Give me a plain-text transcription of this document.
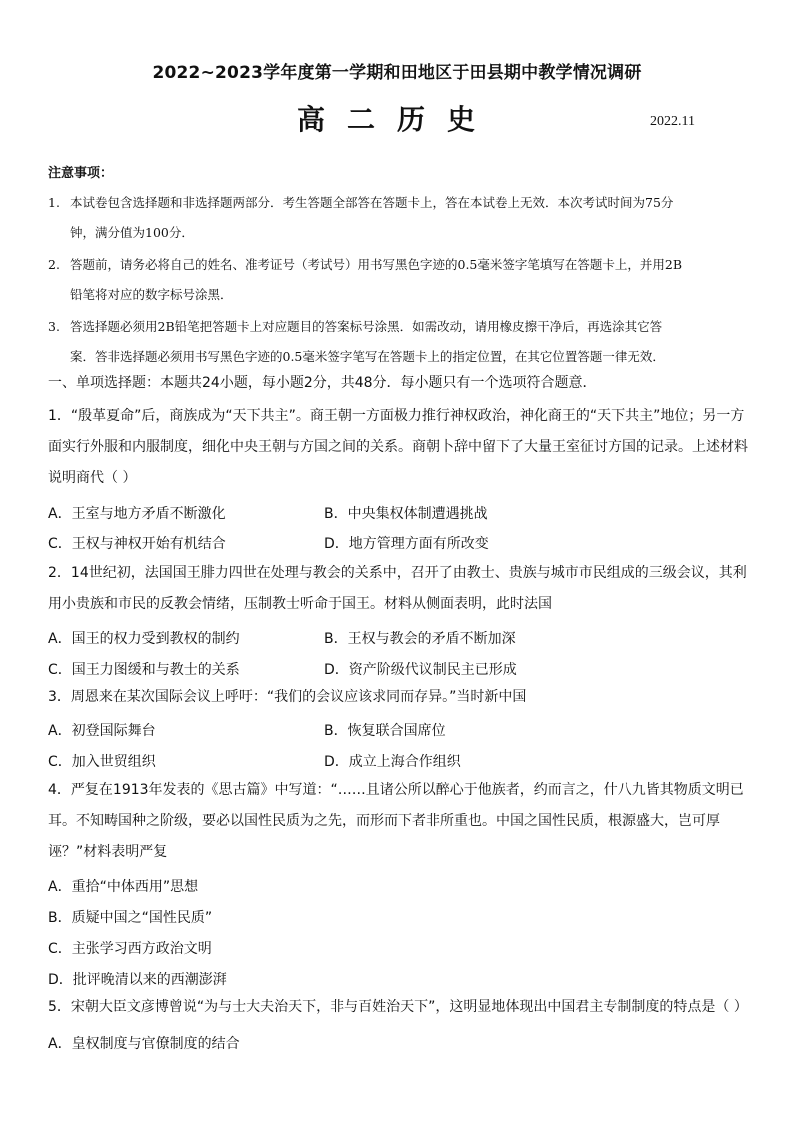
2022~2023学年度第一学期和田地区于田县期中教学情况调研
高二历史	2022.11
注意事项：
1. 本试卷包含选择题和非选择题两部分．考生答题全部答在答题卡上，答在本试卷上无效．本次考试时间为75分
钟，满分值为100分．
2. 答题前，请务必将自己的姓名、准考证号（考试号）用书写黑色字迹的0.5毫米签字笔填写在答题卡上，并用2B
铅笔将对应的数字标号涂黑．
3. 答选择题必须用2B铅笔把答题卡上对应题目的答案标号涂黑．如需改动，请用橡皮擦干净后，再选涂其它答
案．答非选择题必须用书写黑色字迹的0.5毫米签字笔写在答题卡上的指定位置，在其它位置答题一律无效．
一、单项选择题：本题共24小题，每小题2分，共48分．每小题只有一个选项符合题意．
1．“殷革夏命”后，商族成为“天下共主”。商王朝一方面极力推行神权政治，神化商王的“天下共主”地位；另一方面实行外服和内服制度，细化中央王朝与方国之间的关系。商朝卜辞中留下了大量王室征讨方国的记录。上述材料说明商代（ ）
A．王室与地方矛盾不断激化	B．中央集权体制遭遇挑战
C．王权与神权开始有机结合	D．地方管理方面有所改变
2．14世纪初，法国国王腓力四世在处理与教会的关系中，召开了由教士、贵族与城市市民组成的三级会议，其利用小贵族和市民的反教会情绪，压制教士听命于国王。材料从侧面表明，此时法国
A．国王的权力受到教权的制约	B．王权与教会的矛盾不断加深
C．国王力图缓和与教士的关系	D．资产阶级代议制民主已形成
3．周恩来在某次国际会议上呼吁：“我们的会议应该求同而存异。”当时新中国
A．初登国际舞台	B．恢复联合国席位
C．加入世贸组织	D．成立上海合作组织
4．严复在1913年发表的《思古篇》中写道：“……且诸公所以醉心于他族者，约而言之，什八九皆其物质文明已耳。不知畴国种之阶级，要必以国性民质为之先，而形而下者非所重也。中国之国性民质，根源盛大，岂可厚诬？”材料表明严复
A．重拾“中体西用”思想
B．质疑中国之“国性民质”
C．主张学习西方政治文明
D．批评晚清以来的西潮澎湃
5．宋朝大臣文彦博曾说“为与士大夫治天下，非与百姓治天下”，这明显地体现出中国君主专制制度的特点是（ ）
A．皇权制度与官僚制度的结合
